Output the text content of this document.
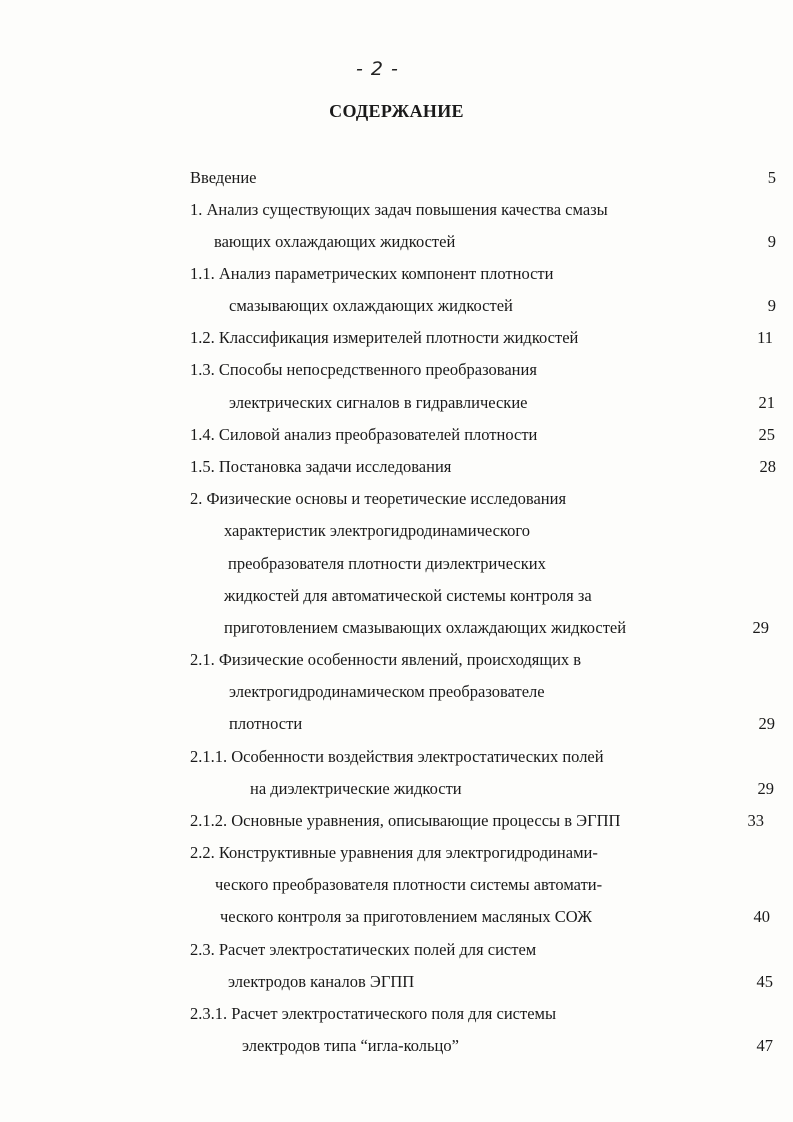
- 2 -
СОДЕРЖАНИЕ
Введение	5
1. Анализ существующих задач повышения качества смазы
вающих охлаждающих жидкостей	9
1.1. Анализ параметрических компонент плотности
смазывающих охлаждающих жидкостей	9
1.2. Классификация измерителей плотности жидкостей	11
1.3. Способы непосредственного преобразования
электрических сигналов в гидравлические	21
1.4. Силовой анализ преобразователей плотности	25
1.5. Постановка задачи исследования	28
2. Физические основы и теоретические исследования
характеристик электрогидродинамического
преобразователя плотности диэлектрических
жидкостей для автоматической системы контроля за
приготовлением смазывающих охлаждающих жидкостей	29
2.1. Физические особенности явлений, происходящих в
электрогидродинамическом преобразователе
плотности	29
2.1.1. Особенности воздействия электростатических полей
на диэлектрические жидкости	29
2.1.2. Основные уравнения, описывающие процессы в ЭГПП	33
2.2. Конструктивные уравнения для электрогидродинами-
ческого преобразователя плотности системы автомати-
ческого контроля за приготовлением масляных СОЖ	40
2.3. Расчет электростатических полей для систем
электродов каналов ЭГПП	45
2.3.1. Расчет электростатического поля для системы
электродов типа “игла-кольцо”	47
